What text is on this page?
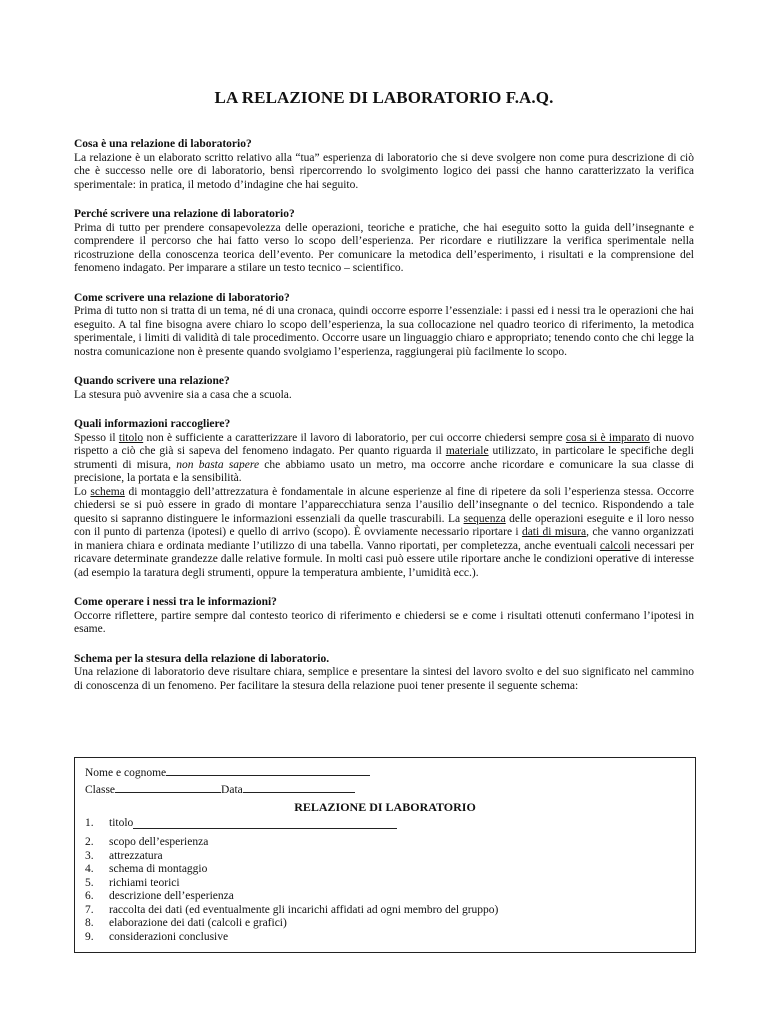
LA RELAZIONE DI LABORATORIO F.A.Q.
Cosa è una relazione di laboratorio?
La relazione è un elaborato scritto relativo alla “tua” esperienza di laboratorio che si deve svolgere non come pura descrizione di ciò che è successo nelle ore di laboratorio, bensì ripercorrendo lo svolgimento logico dei passi che hanno caratterizzato la verifica sperimentale: in pratica, il metodo d’indagine che hai seguito.
Perché scrivere una relazione di laboratorio?
Prima di tutto per prendere consapevolezza delle operazioni, teoriche e pratiche, che hai eseguito sotto la guida dell’insegnante e comprendere il percorso che hai fatto verso lo scopo dell’esperienza. Per ricordare e riutilizzare la verifica sperimentale nella ricostruzione della conoscenza teorica dell’evento. Per comunicare la metodica dell’esperimento, i risultati e la comprensione del fenomeno indagato. Per imparare a stilare un testo tecnico – scientifico.
Come scrivere una relazione di laboratorio?
Prima di tutto non si tratta di un tema, né di una cronaca, quindi occorre esporre l’essenziale: i passi ed i nessi tra le operazioni che hai eseguito. A tal fine bisogna avere chiaro lo scopo dell’esperienza, la sua collocazione nel quadro teorico di riferimento, la metodica sperimentale, i limiti di validità di tale procedimento. Occorre usare un linguaggio chiaro e appropriato; tenendo conto che chi legge la nostra comunicazione non è presente quando svolgiamo l’esperienza, raggiungerai più facilmente lo scopo.
Quando scrivere una relazione?
La stesura può avvenire sia a casa che a scuola.
Quali informazioni raccogliere?
Spesso il titolo non è sufficiente a caratterizzare il lavoro di laboratorio, per cui occorre chiedersi sempre cosa si è imparato di nuovo rispetto a ciò che già si sapeva del fenomeno indagato. Per quanto riguarda il materiale utilizzato, in particolare le specifiche degli strumenti di misura, non basta sapere che abbiamo usato un metro, ma occorre anche ricordare e comunicare la sua classe di precisione, la portata e la sensibilità.
Lo schema di montaggio dell’attrezzatura è fondamentale in alcune esperienze al fine di ripetere da soli l’esperienza stessa. Occorre chiedersi se si può essere in grado di montare l’apparecchiatura senza l’ausilio dell’insegnante o del tecnico. Rispondendo a tale quesito si sapranno distinguere le informazioni essenziali da quelle trascurabili. La sequenza delle operazioni eseguite e il loro nesso con il punto di partenza (ipotesi) e quello di arrivo (scopo). È ovviamente necessario riportare i dati di misura, che vanno organizzati in maniera chiara e ordinata mediante l’utilizzo di una tabella. Vanno riportati, per completezza, anche eventuali calcoli necessari per ricavare determinate grandezze dalle relative formule. In molti casi può essere utile riportare anche le condizioni operative di interesse (ad esempio la taratura degli strumenti, oppure la temperatura ambiente, l’umidità ecc.).
Come operare i nessi tra le informazioni?
Occorre riflettere, partire sempre dal contesto teorico di riferimento e chiedersi se e come i risultati ottenuti confermano l’ipotesi in esame.
Schema per la stesura della relazione di laboratorio.
Una relazione di laboratorio deve risultare chiara, semplice e presentare la sintesi del lavoro svolto e del suo significato nel cammino di conoscenza di un fenomeno. Per facilitare la stesura della relazione puoi tener presente il seguente schema:
Nome e cognome
Classe	Data
RELAZIONE DI LABORATORIO
1.	titolo
2.	scopo dell’esperienza
3.	attrezzatura
4.	schema di montaggio
5.	richiami teorici
6.	descrizione dell’esperienza
7.	raccolta dei dati (ed eventualmente gli incarichi affidati ad ogni membro del gruppo)
8.	elaborazione dei dati (calcoli e grafici)
9.	considerazioni conclusive
